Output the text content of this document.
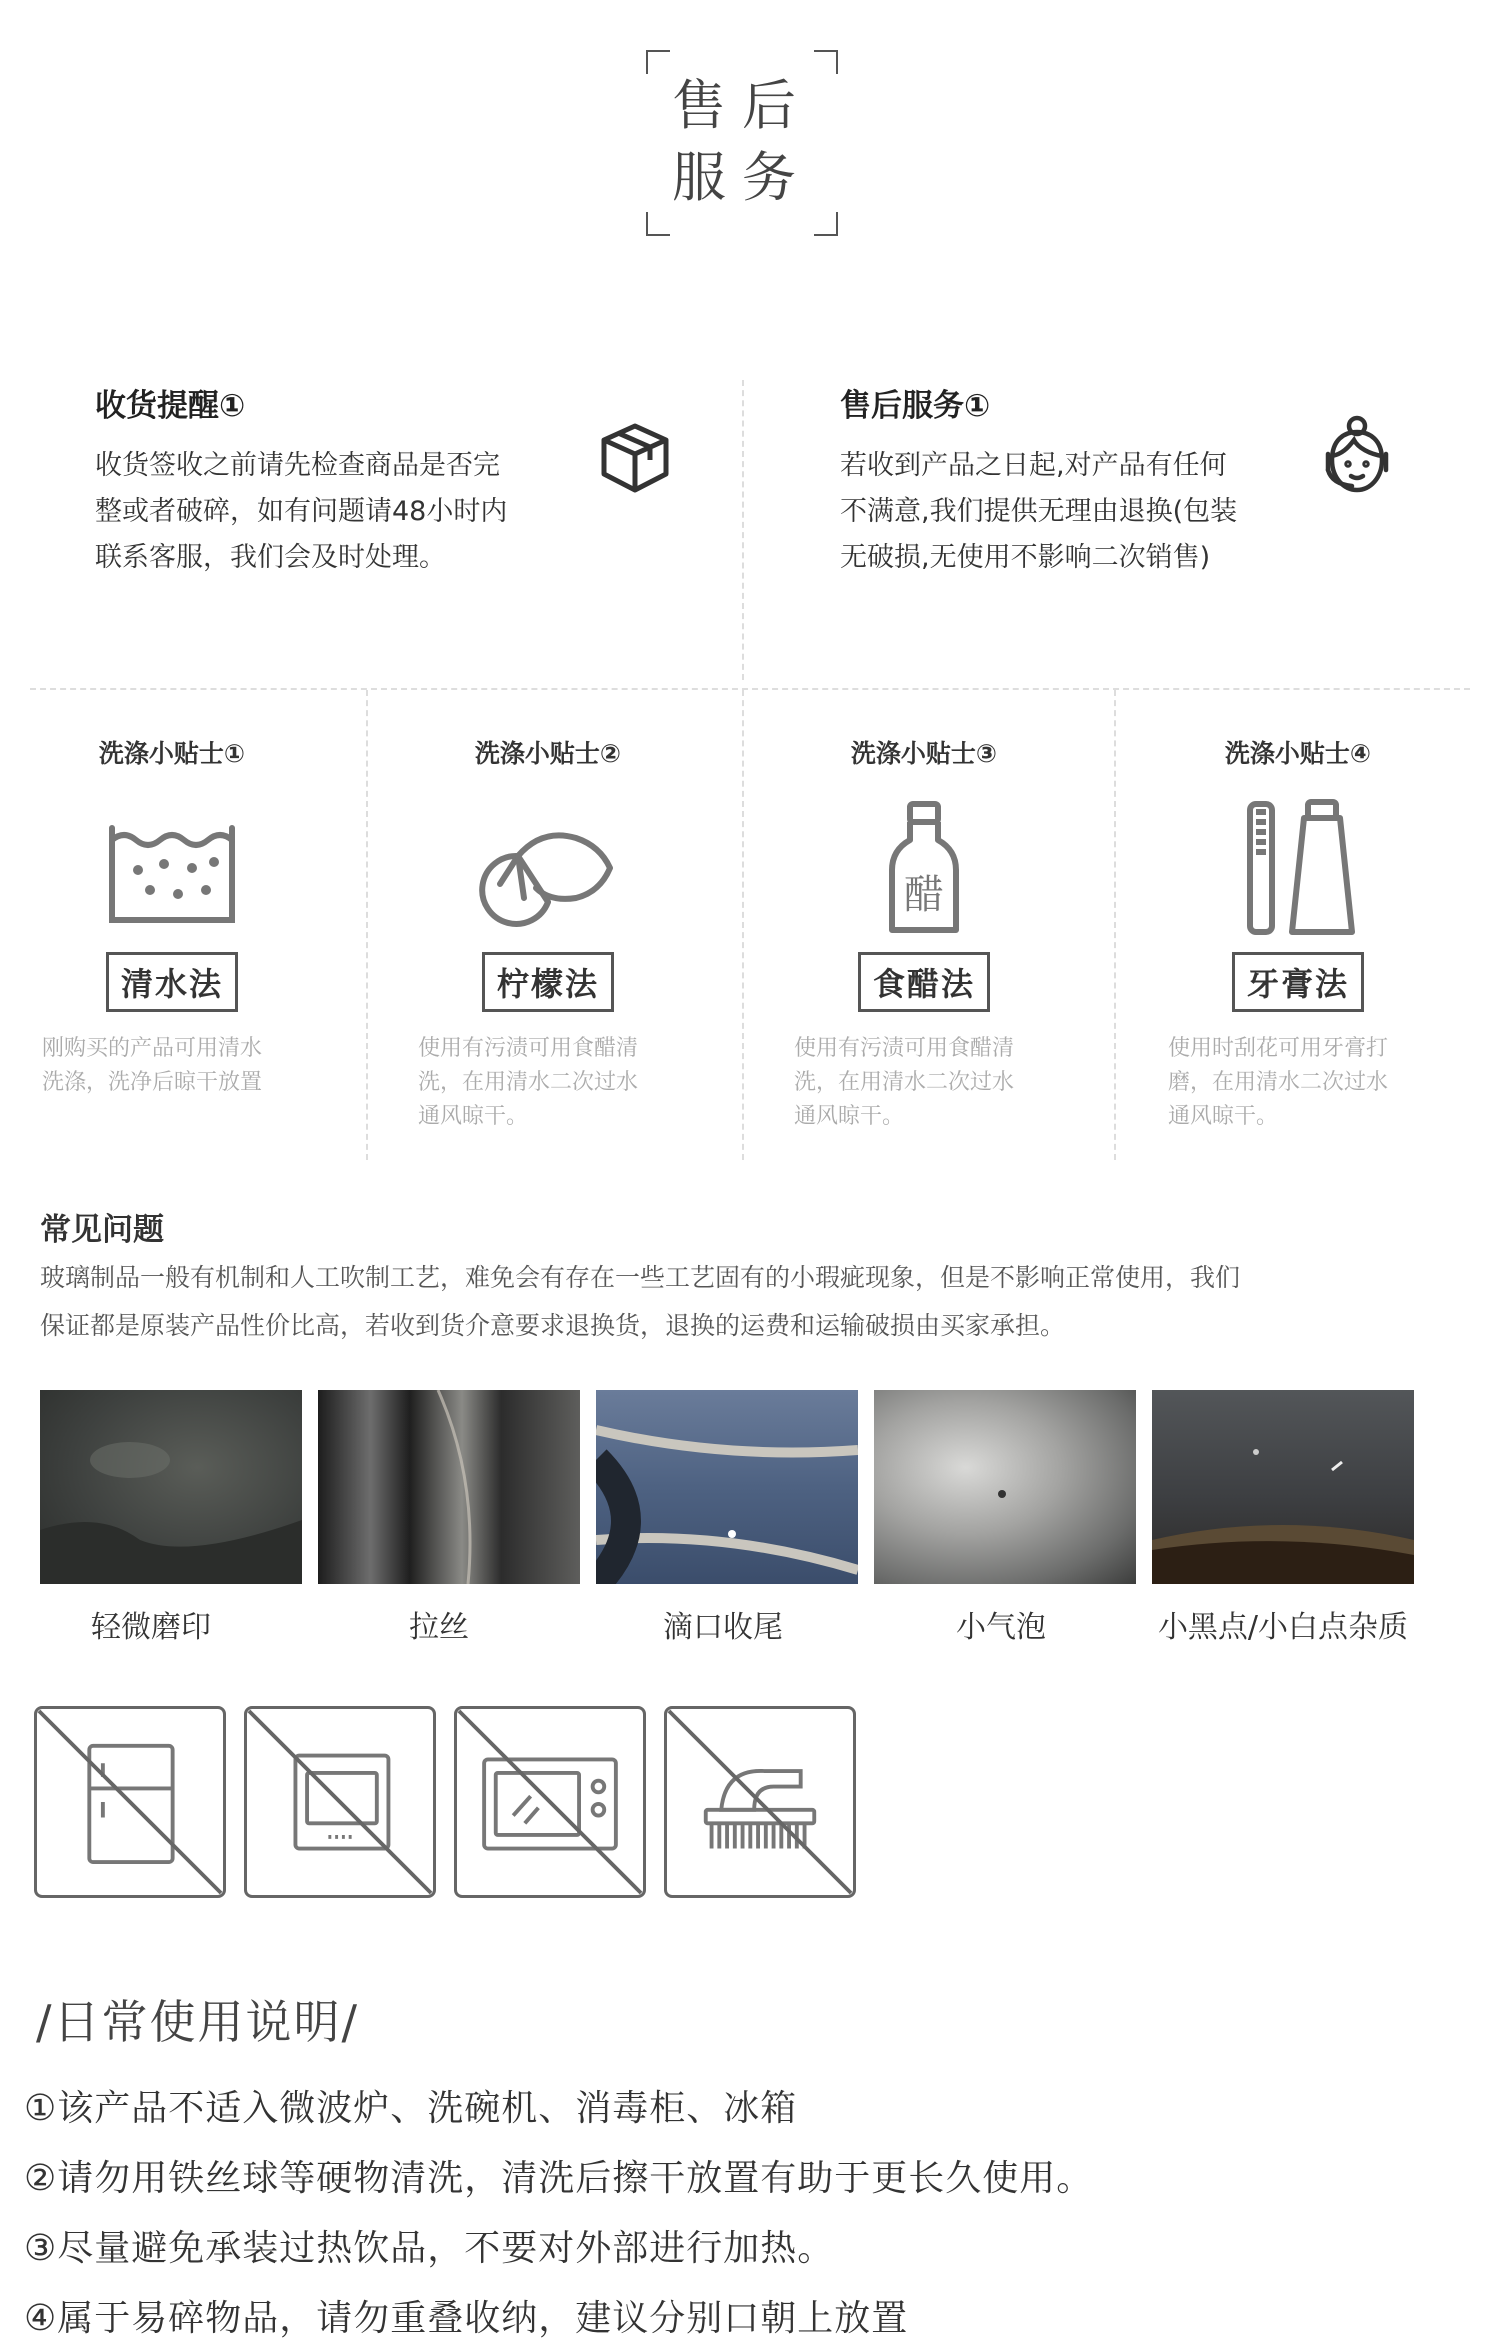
售后
服务
收货提醒①
收货签收之前请先检查商品是否完
整或者破碎，如有问题请48小时内
联系客服，我们会及时处理。
售后服务①
若收到产品之日起,对产品有任何
不满意,我们提供无理由退换(包装
无破损,无使用不影响二次销售)
洗涤小贴士①
清水法
刚购买的产品可用清水
洗涤，洗净后晾干放置
洗涤小贴士②
柠檬法
使用有污渍可用食醋清
洗，在用清水二次过水
通风晾干。
洗涤小贴士③
醋
食醋法
使用有污渍可用食醋清
洗，在用清水二次过水
通风晾干。
洗涤小贴士④
牙膏法
使用时刮花可用牙膏打
磨，在用清水二次过水
通风晾干。
常见问题
玻璃制品一般有机制和人工吹制工艺，难免会有存在一些工艺固有的小瑕疵现象，但是不影响正常使用，我们
保证都是原装产品性价比高，若收到货介意要求退换货，退换的运费和运输破损由买家承担。
轻微磨印	拉丝	滴口收尾	小气泡	小黑点/小白点杂质
/日常使用说明/
①该产品不适入微波炉、洗碗机、消毒柜、冰箱
②请勿用铁丝球等硬物清洗，清洗后擦干放置有助于更长久使用。
③尽量避免承装过热饮品，不要对外部进行加热。
④属于易碎物品，请勿重叠收纳，建议分别口朝上放置
